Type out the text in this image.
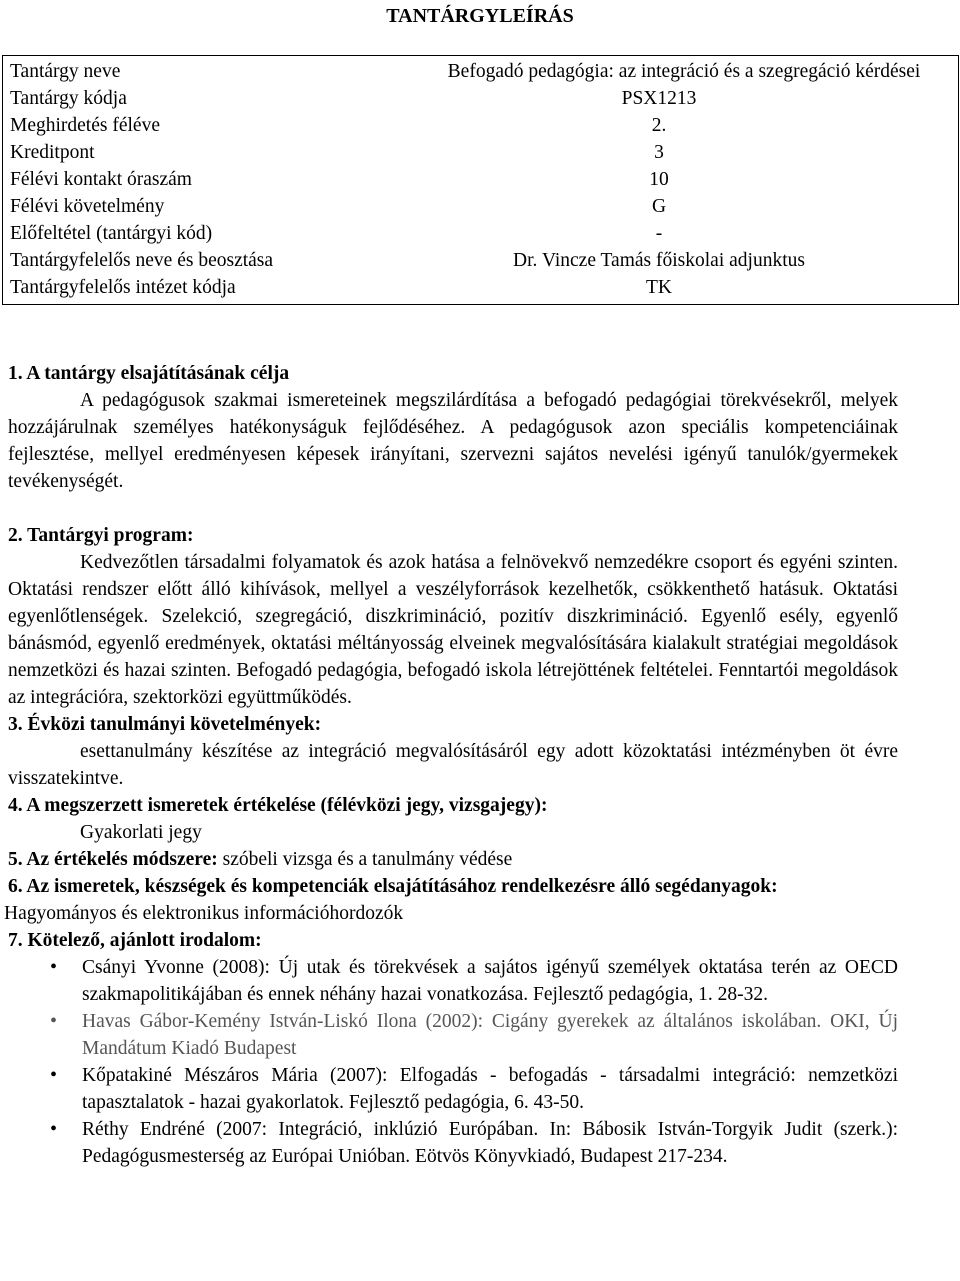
TANTÁRGYLEÍRÁS
Tantárgy neve	Befogadó pedagógia: az integráció és a szegregáció kérdései
Tantárgy kódja	PSX1213
Meghirdetés féléve	2.
Kreditpont	3
Félévi kontakt óraszám	10
Félévi követelmény	G
Előfeltétel (tantárgyi kód)	-
Tantárgyfelelős neve és beosztása	Dr. Vincze Tamás főiskolai adjunktus
Tantárgyfelelős intézet kódja	TK
1. A tantárgy elsajátításának célja

A pedagógusok szakmai ismereteinek megszilárdítása a befogadó pedagógiai törekvésekről, melyek hozzájárulnak személyes hatékonyságuk fejlődéséhez. A pedagógusok azon speciális kompetenciáinak fejlesztése, mellyel eredményesen képesek irányítani, szervezni sajátos nevelési igényű tanulók/gyermekek tevékenységét.

2. Tantárgyi program:

Kedvezőtlen társadalmi folyamatok és azok hatása a felnövekvő nemzedékre csoport és egyéni szinten. Oktatási rendszer előtt álló kihívások, mellyel a veszélyforrások kezelhetők, csökkenthető hatásuk. Oktatási egyenlőtlenségek. Szelekció, szegregáció, diszkrimináció, pozitív diszkrimináció. Egyenlő esély, egyenlő bánásmód, egyenlő eredmények, oktatási méltányosság elveinek megvalósítására kialakult stratégiai megoldások nemzetközi és hazai szinten. Befogadó pedagógia, befogadó iskola létrejöttének feltételei. Fenntartói megoldások az integrációra, szektorközi együttműködés.

3. Évközi tanulmányi követelmények:

esettanulmány készítése az integráció megvalósításáról egy adott közoktatási intézményben öt évre visszatekintve.

4. A megszerzett ismeretek értékelése (félévközi jegy, vizsgajegy):

Gyakorlati jegy

5. Az értékelés módszere: szóbeli vizsga és a tanulmány védése
6. Az ismeretek, készségek és kompetenciák elsajátításához rendelkezésre álló segédanyagok:

Hagyományos és elektronikus információhordozók

7. Kötelező, ajánlott irodalom:
• Csányi Yvonne (2008): Új utak és törekvések a sajátos igényű személyek oktatása terén az OECD szakmapolitikájában és ennek néhány hazai vonatkozása. Fejlesztő pedagógia, 1. 28-32.
• Havas Gábor-Kemény István-Liskó Ilona (2002): Cigány gyerekek az általános iskolában. OKI, Új Mandátum Kiadó Budapest
• Kőpatakiné Mészáros Mária (2007): Elfogadás - befogadás - társadalmi integráció: nemzetközi tapasztalatok - hazai gyakorlatok. Fejlesztő pedagógia, 6. 43-50.
• Réthy Endréné (2007: Integráció, inklúzió Európában. In: Bábosik István-Torgyik Judit (szerk.): Pedagógusmesterség az Európai Unióban. Eötvös Könyvkiadó, Budapest 217-234.
